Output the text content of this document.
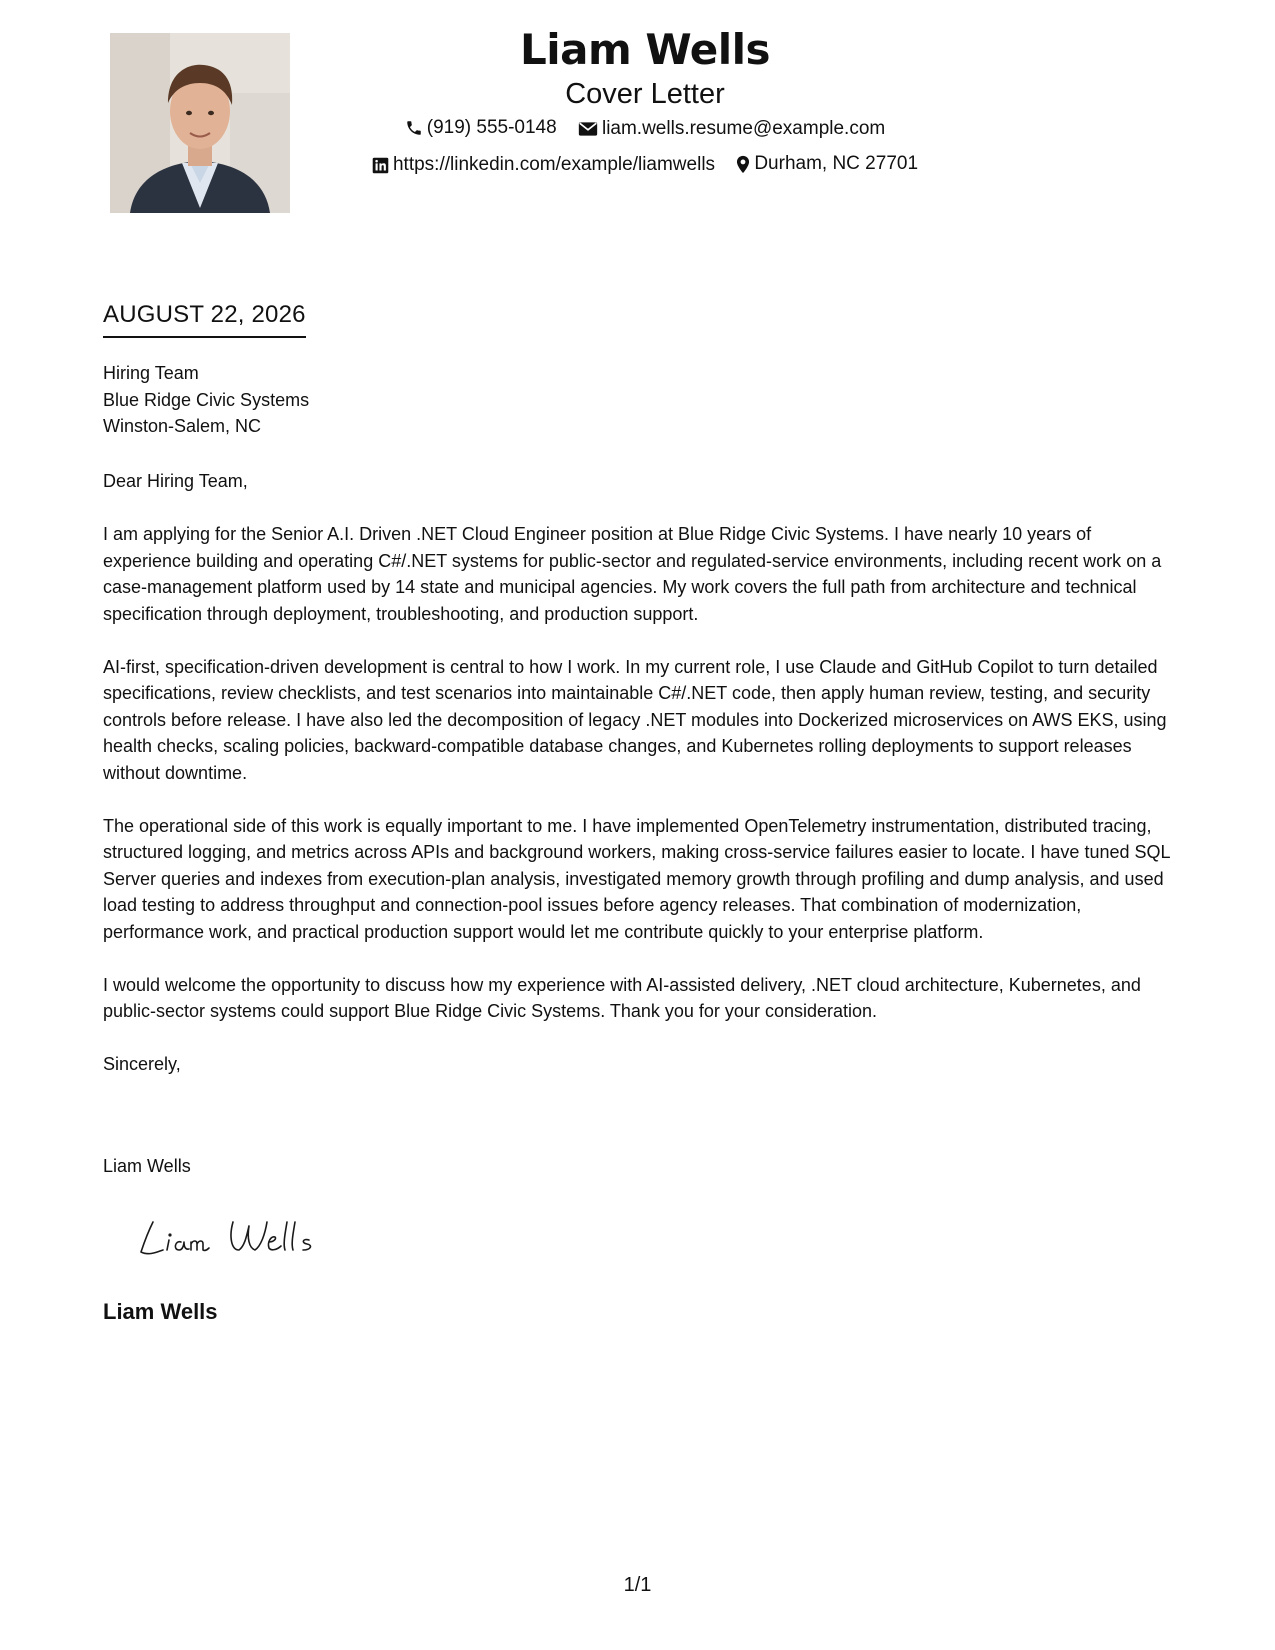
Liam Wells
Cover Letter
(919) 555-0148
liam.wells.resume@example.com
https://linkedin.com/example/liamwells
Durham, NC 27701
AUGUST 22, 2026
Hiring Team
Blue Ridge Civic Systems
Winston-Salem, NC

Dear Hiring Team,

I am applying for the Senior A.I. Driven .NET Cloud Engineer position at Blue Ridge Civic Systems. I have nearly 10 years of experience building and operating C#/.NET systems for public-sector and regulated-service environments, including recent work on a case-management platform used by 14 state and municipal agencies. My work covers the full path from architecture and technical specification through deployment, troubleshooting, and production support.

AI-first, specification-driven development is central to how I work. In my current role, I use Claude and GitHub Copilot to turn detailed specifications, review checklists, and test scenarios into maintainable C#/.NET code, then apply human review, testing, and security controls before release. I have also led the decomposition of legacy .NET modules into Dockerized microservices on AWS EKS, using health checks, scaling policies, backward-compatible database changes, and Kubernetes rolling deployments to support releases without downtime.

The operational side of this work is equally important to me. I have implemented OpenTelemetry instrumentation, distributed tracing, structured logging, and metrics across APIs and background workers, making cross-service failures easier to locate. I have tuned SQL Server queries and indexes from execution-plan analysis, investigated memory growth through profiling and dump analysis, and used load testing to address throughput and connection-pool issues before agency releases. That combination of modernization, performance work, and practical production support would let me contribute quickly to your enterprise platform.

I would welcome the opportunity to discuss how my experience with AI-assisted delivery, .NET cloud architecture, Kubernetes, and public-sector systems could support Blue Ridge Civic Systems. Thank you for your consideration.

Sincerely,

Liam Wells
Liam Wells
1/1
